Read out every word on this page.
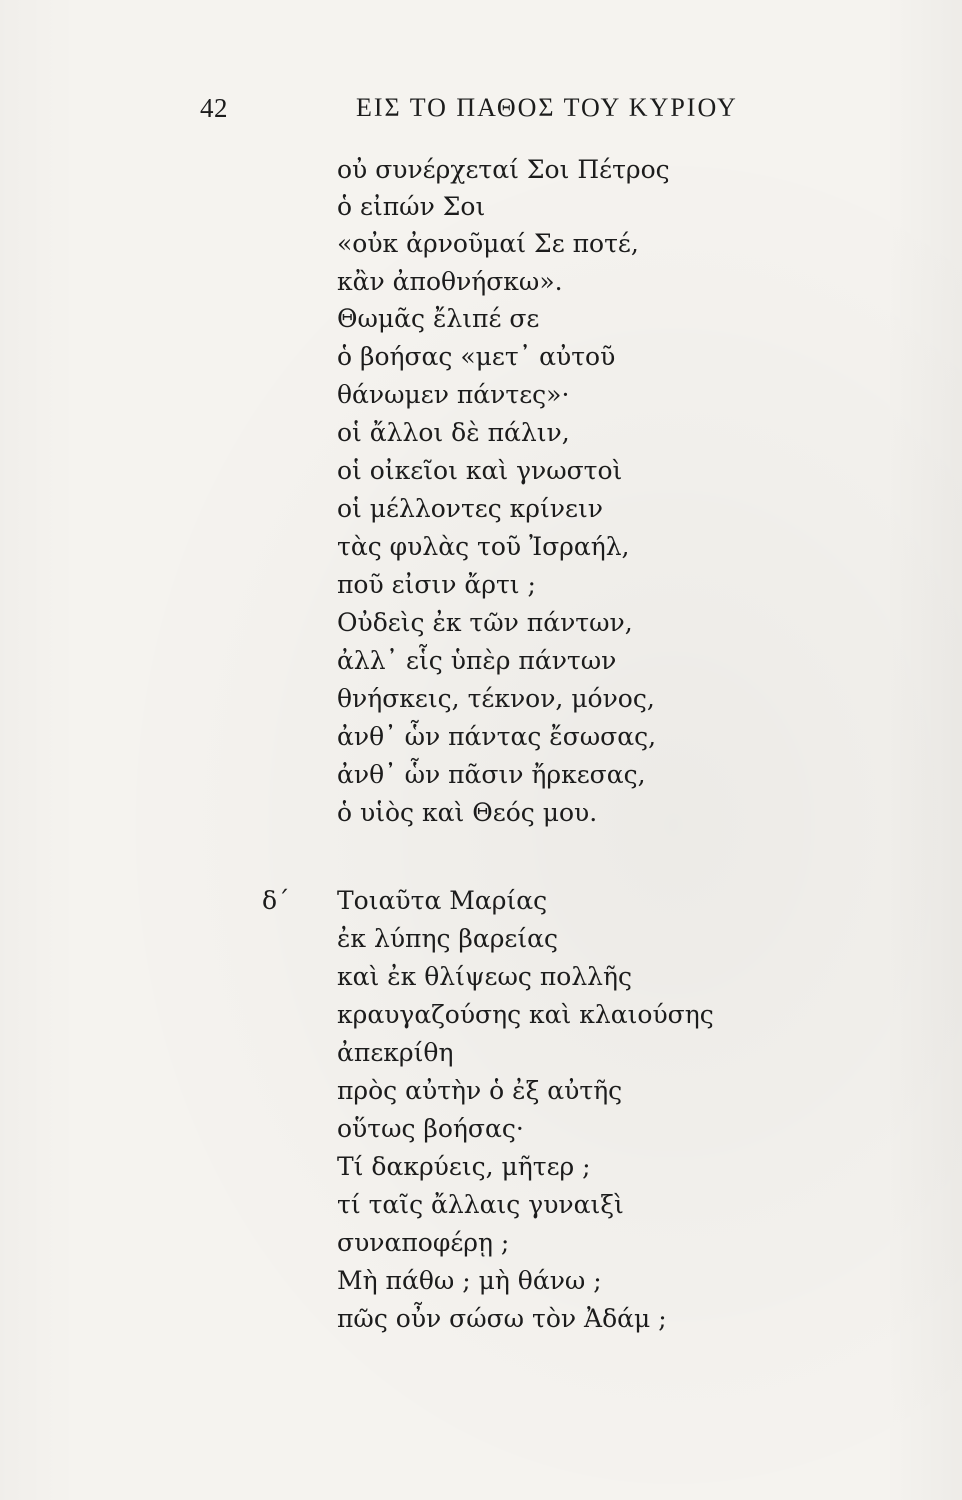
42	ΕΙΣ ΤΟ ΠΑΘΟΣ ΤΟΥ ΚΥΡΙΟΥ
δ΄
οὐ συνέρχεταί Σοι Πέτρος
ὁ εἰπών Σοι
«οὐκ ἀρνοῦμαί Σε ποτέ,
κἂν ἀποθνήσκω».
Θωμᾶς ἔλιπέ σε
ὁ βοήσας «μετ᾽ αὐτοῦ
θάνωμεν πάντες»·
οἱ ἄλλοι δὲ πάλιν,
οἱ οἰκεῖοι καὶ γνωστοὶ
οἱ μέλλοντες κρίνειν
τὰς φυλὰς τοῦ Ἰσραήλ,
ποῦ εἰσιν ἄρτι ;
Οὐδεὶς ἐκ τῶν πάντων,
ἀλλ᾽ εἷς ὑπὲρ πάντων
θνήσκεις, τέκνον, μόνος,
ἀνθ᾽ ὧν πάντας ἔσωσας,
ἀνθ᾽ ὧν πᾶσιν ἤρκεσας,
ὁ υἱὸς καὶ Θεός μου.
Τοιαῦτα Μαρίας
ἐκ λύπης βαρείας
καὶ ἐκ θλίψεως πολλῆς
κραυγαζούσης καὶ κλαιούσης
ἀπεκρίθη
πρὸς αὐτὴν ὁ ἐξ αὐτῆς
οὕτως βοήσας·
Τί δακρύεις, μῆτερ ;
τί ταῖς ἄλλαις γυναιξὶ
συναποφέρῃ ;
Μὴ πάθω ; μὴ θάνω ;
πῶς οὖν σώσω τὸν Ἀδάμ ;
